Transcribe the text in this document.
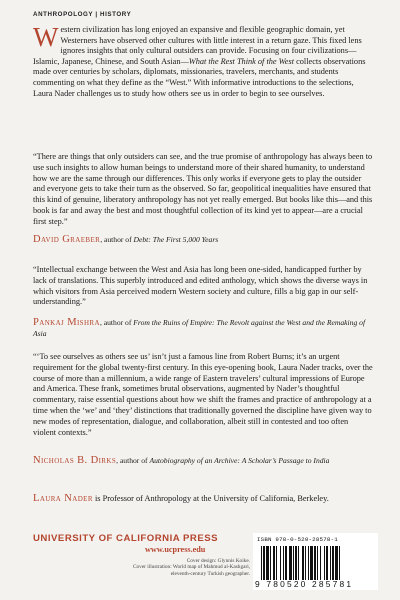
ANTHROPOLOGY | HISTORY
Western civilization has long enjoyed an expansive and flexible geographic domain, yet Westerners have observed other cultures with little interest in a return gaze. This fixed lens ignores insights that only cultural outsiders can provide. Focusing on four civilizations—Islamic, Japanese, Chinese, and South Asian—What the Rest Think of the West collects observations made over centuries by scholars, diplomats, missionaries, travelers, merchants, and students commenting on what they define as the “West.” With informative introductions to the selections, Laura Nader challenges us to study how others see us in order to begin to see ourselves.
“There are things that only outsiders can see, and the true promise of anthropology has always been to use such insights to allow human beings to understand more of their shared humanity, to understand how we are the same through our differences. This only works if everyone gets to play the outsider and everyone gets to take their turn as the observed. So far, geopolitical inequalities have ensured that this kind of genuine, liberatory anthropology has not yet really emerged. But books like this—and this book is far and away the best and most thoughtful collection of its kind yet to appear—are a crucial first step.”
David Graeber, author of Debt: The First 5,000 Years
“Intellectual exchange between the West and Asia has long been one-sided, handicapped further by lack of translations. This superbly introduced and edited anthology, which shows the diverse ways in which visitors from Asia perceived modern Western society and culture, fills a big gap in our self-understanding.”
Pankaj Mishra, author of From the Ruins of Empire: The Revolt against the West and the Remaking of Asia
“‘To see ourselves as others see us’ isn’t just a famous line from Robert Burns; it’s an urgent requirement for the global twenty-first century. In this eye-opening book, Laura Nader tracks, over the course of more than a millennium, a wide range of Eastern travelers’ cultural impressions of Europe and America. These frank, sometimes brutal observations, augmented by Nader’s thoughtful commentary, raise essential questions about how we shift the frames and practice of anthropology at a time when the ‘we’ and ‘they’ distinctions that traditionally governed the discipline have given way to new modes of representation, dialogue, and collaboration, albeit still in contested and too often violent contexts.”
Nicholas B. Dirks, author of Autobiography of an Archive: A Scholar’s Passage to India
Laura Nader is Professor of Anthropology at the University of California, Berkeley.
UNIVERSITY OF CALIFORNIA PRESS
www.ucpress.edu
Cover design: Glynnis Koike.
Cover illustration: World map of Mahmud al-Kashgari,
eleventh-century Turkish geographer.
ISBN 978-0-520-28578-1
9 780520 285781
